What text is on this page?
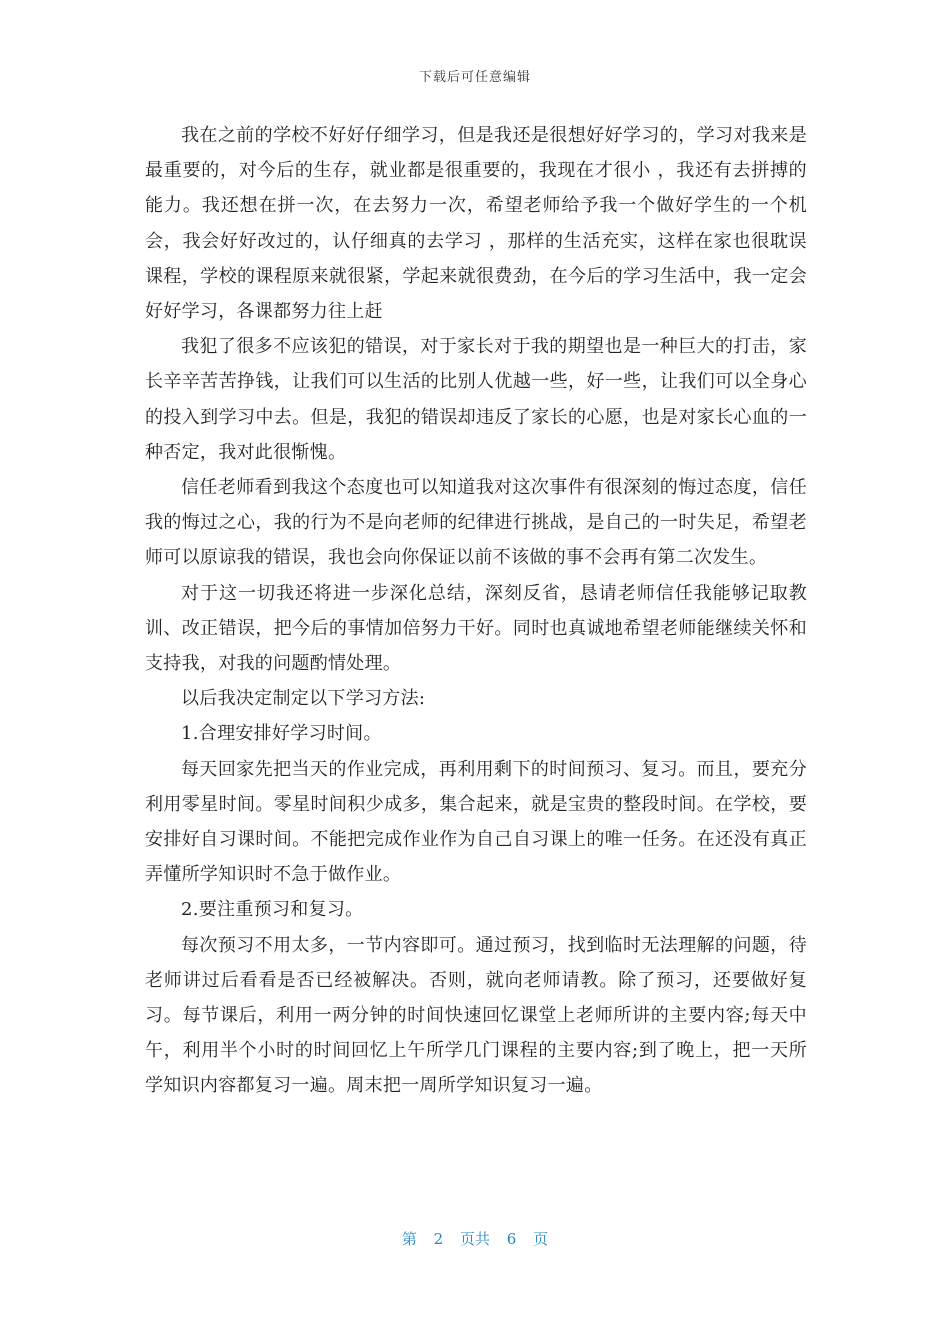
下载后可任意编辑

我在之前的学校不好好仔细学习，但是我还是很想好好学习的，学习对我来是最重要的，对今后的生存，就业都是很重要的，我现在才很小 ，我还有去拼搏的能力。我还想在拼一次，在去努力一次，希望老师给予我一个做好学生的一个机会，我会好好改过的，认仔细真的去学习 ，那样的生活充实，这样在家也很耽误课程，学校的课程原来就很紧，学起来就很费劲，在今后的学习生活中，我一定会好好学习，各课都努力往上赶

我犯了很多不应该犯的错误，对于家长对于我的期望也是一种巨大的打击，家长辛辛苦苦挣钱，让我们可以生活的比别人优越一些，好一些，让我们可以全身心的投入到学习中去。但是，我犯的错误却违反了家长的心愿，也是对家长心血的一种否定，我对此很惭愧。

信任老师看到我这个态度也可以知道我对这次事件有很深刻的悔过态度，信任我的悔过之心，我的行为不是向老师的纪律进行挑战，是自己的一时失足，希望老师可以原谅我的错误，我也会向你保证以前不该做的事不会再有第二次发生。

对于这一切我还将进一步深化总结，深刻反省，恳请老师信任我能够记取教训、改正错误，把今后的事情加倍努力干好。同时也真诚地希望老师能继续关怀和支持我，对我的问题酌情处理。

以后我决定制定以下学习方法:

1.合理安排好学习时间。

每天回家先把当天的作业完成，再利用剩下的时间预习、复习。而且，要充分利用零星时间。零星时间积少成多，集合起来，就是宝贵的整段时间。在学校，要安排好自习课时间。不能把完成作业作为自己自习课上的唯一任务。在还没有真正弄懂所学知识时不急于做作业。

2.要注重预习和复习。

每次预习不用太多，一节内容即可。通过预习，找到临时无法理解的问题，待老师讲过后看看是否已经被解决。否则，就向老师请教。除了预习，还要做好复习。每节课后，利用一两分钟的时间快速回忆课堂上老师所讲的主要内容;每天中午，利用半个小时的时间回忆上午所学几门课程的主要内容;到了晚上，把一天所学知识内容都复习一遍。周末把一周所学知识复习一遍。

第 2 页共 6 页
